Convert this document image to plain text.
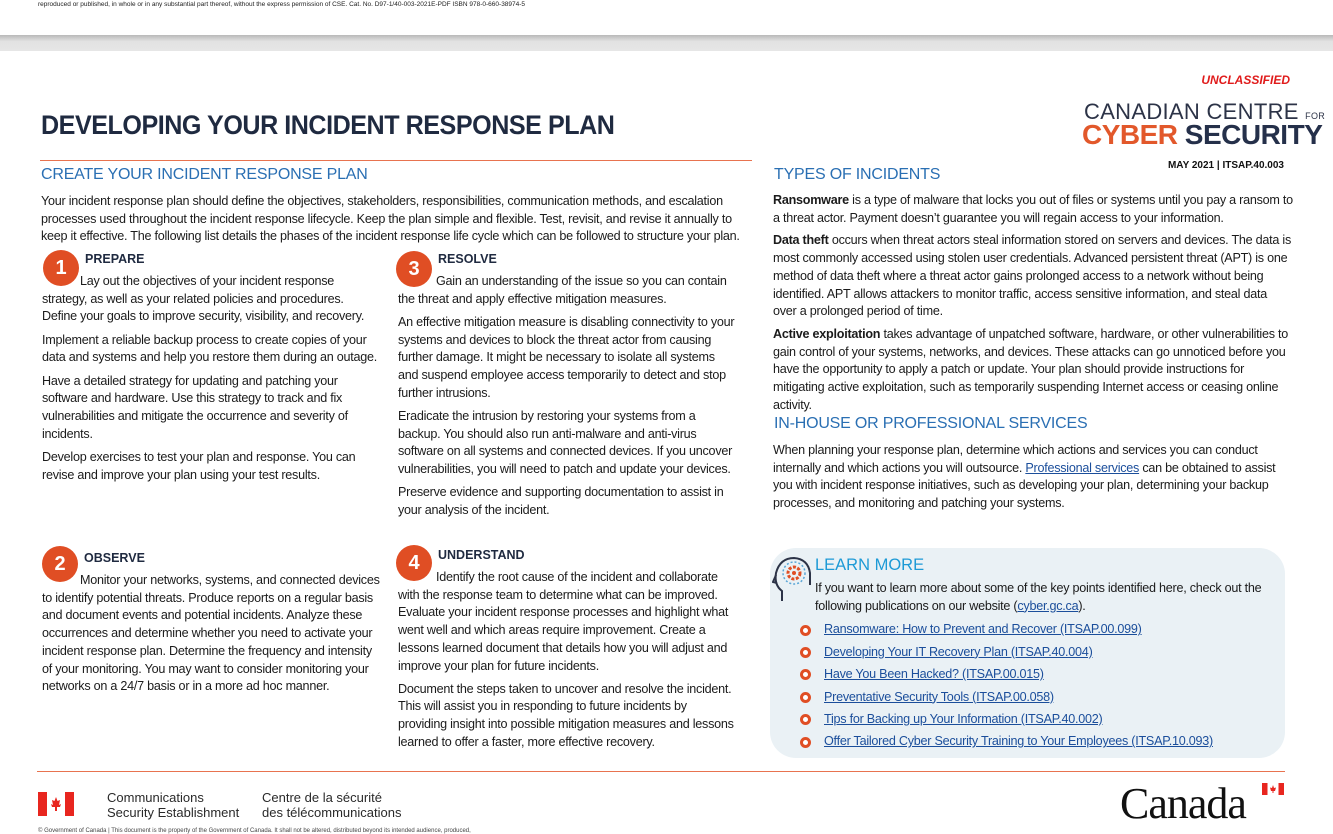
reproduced or published, in whole or in any substantial part thereof, without the express permission of CSE. Cat. No. D97-1/40-003-2021E-PDF ISBN 978-0-660-38974-5
UNCLASSIFIED
CANADIAN CENTRE FOR
CYBER SECURITY
MAY 2021 | ITSAP.40.003
DEVELOPING YOUR INCIDENT RESPONSE PLAN
CREATE YOUR INCIDENT RESPONSE PLAN

Your incident response plan should define the objectives, stakeholders, responsibilities, communication methods, and escalation processes used throughout the incident response lifecycle. Keep the plan simple and flexible. Test, revisit, and revise it annually to keep it effective. The following list details the phases of the incident response life cycle which can be followed to structure your plan.

1	PREPARE

Lay out the objectives of your incident response strategy, as well as your related policies and procedures. Define your goals to improve security, visibility, and recovery.

Implement a reliable backup process to create copies of your data and systems and help you restore them during an outage.

Have a detailed strategy for updating and patching your software and hardware. Use this strategy to track and fix vulnerabilities and mitigate the occurrence and severity of incidents.

Develop exercises to test your plan and response. You can revise and improve your plan using your test results.

2	OBSERVE

Monitor your networks, systems, and connected devices to identify potential threats. Produce reports on a regular basis and document events and potential incidents. Analyze these occurrences and determine whether you need to activate your incident response plan. Determine the frequency and intensity of your monitoring. You may want to consider monitoring your networks on a 24/7 basis or in a more ad hoc manner.

3	RESOLVE

Gain an understanding of the issue so you can contain the threat and apply effective mitigation measures.

An effective mitigation measure is disabling connectivity to your systems and devices to block the threat actor from causing further damage. It might be necessary to isolate all systems and suspend employee access temporarily to detect and stop further intrusions.

Eradicate the intrusion by restoring your systems from a backup. You should also run anti-malware and anti-virus software on all systems and connected devices. If you uncover vulnerabilities, you will need to patch and update your devices.

Preserve evidence and supporting documentation to assist in your analysis of the incident.

4	UNDERSTAND

Identify the root cause of the incident and collaborate with the response team to determine what can be improved. Evaluate your incident response processes and highlight what went well and which areas require improvement. Create a lessons learned document that details how you will adjust and improve your plan for future incidents.

Document the steps taken to uncover and resolve the incident. This will assist you in responding to future incidents by providing insight into possible mitigation measures and lessons learned to offer a faster, more effective recovery.

TYPES OF INCIDENTS

Ransomware is a type of malware that locks you out of files or systems until you pay a ransom to a threat actor. Payment doesn’t guarantee you will regain access to your information.

Data theft occurs when threat actors steal information stored on servers and devices. The data is most commonly accessed using stolen user credentials. Advanced persistent threat (APT) is one method of data theft where a threat actor gains prolonged access to a network without being identified. APT allows attackers to monitor traffic, access sensitive information, and steal data over a prolonged period of time.

Active exploitation takes advantage of unpatched software, hardware, or other vulnerabilities to gain control of your systems, networks, and devices. These attacks can go unnoticed before you have the opportunity to apply a patch or update. Your plan should provide instructions for mitigating active exploitation, such as temporarily suspending Internet access or ceasing online activity.

IN-HOUSE OR PROFESSIONAL SERVICES

When planning your response plan, determine which actions and services you can conduct internally and which actions you will outsource. Professional services can be obtained to assist you with incident response initiatives, such as developing your plan, determining your backup processes, and monitoring and patching your systems.

LEARN MORE

If you want to learn more about some of the key points identified here, check out the following publications on our website (cyber.gc.ca).

Ransomware: How to Prevent and Recover (ITSAP.00.099)
Developing Your IT Recovery Plan (ITSAP.40.004)
Have You Been Hacked? (ITSAP.00.015)
Preventative Security Tools (ITSAP.00.058)
Tips for Backing up Your Information (ITSAP.40.002)
Offer Tailored Cyber Security Training to Your Employees (ITSAP.10.093)
Communications
Security Establishment
Centre de la sécurité
des télécommunications	Canada
© Government of Canada | This document is the property of the Government of Canada. It shall not be altered, distributed beyond its intended audience, produced,
